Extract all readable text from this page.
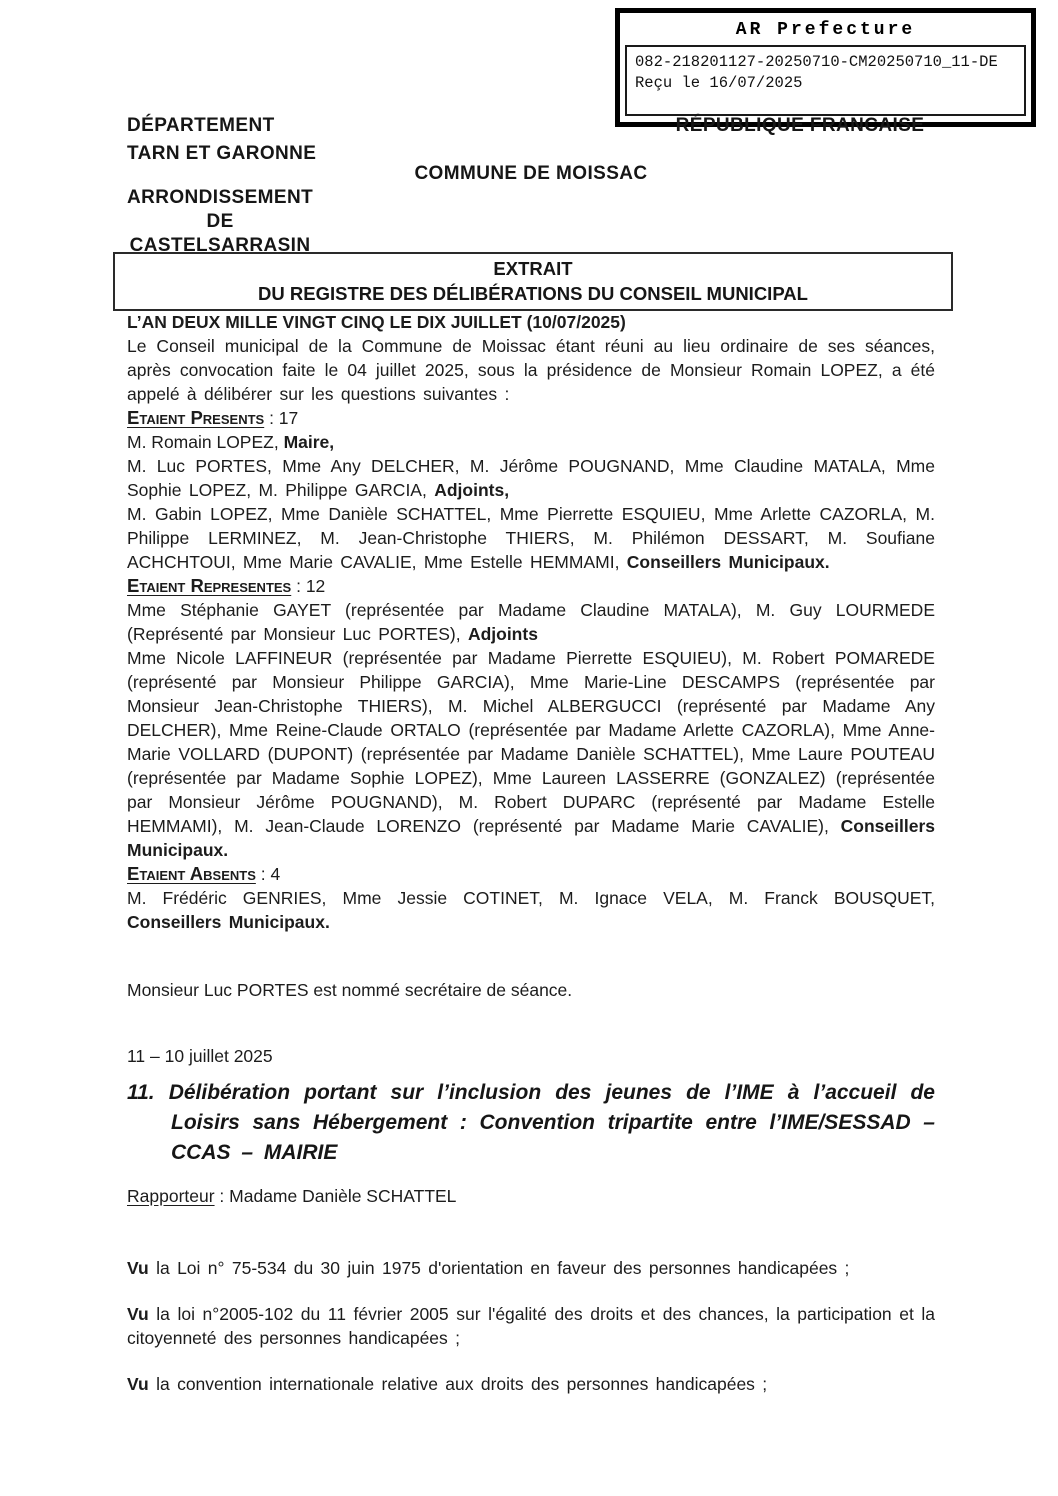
AR Prefecture
082-218201127-20250710-CM20250710_11-DE
Reçu le 16/07/2025
DÉPARTEMENT
TARN ET GARONNE
RÉPUBLIQUE FRANCAISE
COMMUNE DE MOISSAC
ARRONDISSEMENT
DE
CASTELSARRASIN
EXTRAIT
DU REGISTRE DES DÉLIBÉRATIONS DU CONSEIL MUNICIPAL

L’AN DEUX MILLE VINGT CINQ LE DIX JUILLET (10/07/2025)

Le Conseil municipal de la Commune de Moissac étant réuni au lieu ordinaire de ses séances, après convocation faite le 04 juillet 2025, sous la présidence de Monsieur Romain LOPEZ, a été appelé à délibérer sur les questions suivantes :

Etaient Presents : 17

M. Romain LOPEZ, Maire,

M. Luc PORTES, Mme Any DELCHER, M. Jérôme POUGNAND, Mme Claudine MATALA, Mme Sophie LOPEZ, M. Philippe GARCIA, Adjoints,

M. Gabin LOPEZ, Mme Danièle SCHATTEL, Mme Pierrette ESQUIEU, Mme Arlette CAZORLA, M. Philippe LERMINEZ, M. Jean-Christophe THIERS, M. Philémon DESSART, M. Soufiane ACHCHTOUI, Mme Marie CAVALIE, Mme Estelle HEMMAMI, Conseillers Municipaux.

Etaient Representes : 12

Mme Stéphanie GAYET (représentée par Madame Claudine MATALA), M. Guy LOURMEDE (Représenté par Monsieur Luc PORTES), Adjoints

Mme Nicole LAFFINEUR (représentée par Madame Pierrette ESQUIEU), M. Robert POMAREDE (représenté par Monsieur Philippe GARCIA), Mme Marie-Line DESCAMPS (représentée par Monsieur Jean-Christophe THIERS), M. Michel ALBERGUCCI (représenté par Madame Any DELCHER), Mme Reine-Claude ORTALO (représentée par Madame Arlette CAZORLA), Mme Anne-Marie VOLLARD (DUPONT) (représentée par Madame Danièle SCHATTEL), Mme Laure POUTEAU (représentée par Madame Sophie LOPEZ), Mme Laureen LASSERRE (GONZALEZ) (représentée par Monsieur Jérôme POUGNAND), M. Robert DUPARC (représenté par Madame Estelle HEMMAMI), M. Jean-Claude LORENZO (représenté par Madame Marie CAVALIE), Conseillers Municipaux.

Etaient Absents : 4

M. Frédéric GENRIES, Mme Jessie COTINET, M. Ignace VELA, M. Franck BOUSQUET, Conseillers Municipaux.

Monsieur Luc PORTES est nommé secrétaire de séance.

11 – 10 juillet 2025

11. Délibération portant sur l’inclusion des jeunes de l’IME à l’accueil de Loisirs sans Hébergement : Convention tripartite entre l’IME/SESSAD – CCAS – MAIRIE

Rapporteur : Madame Danièle SCHATTEL

Vu la Loi n° 75-534 du 30 juin 1975 d'orientation en faveur des personnes handicapées ;

Vu la loi n°2005-102 du 11 février 2005 sur l'égalité des droits et des chances, la participation et la citoyenneté des personnes handicapées ;

Vu la convention internationale relative aux droits des personnes handicapées ;
